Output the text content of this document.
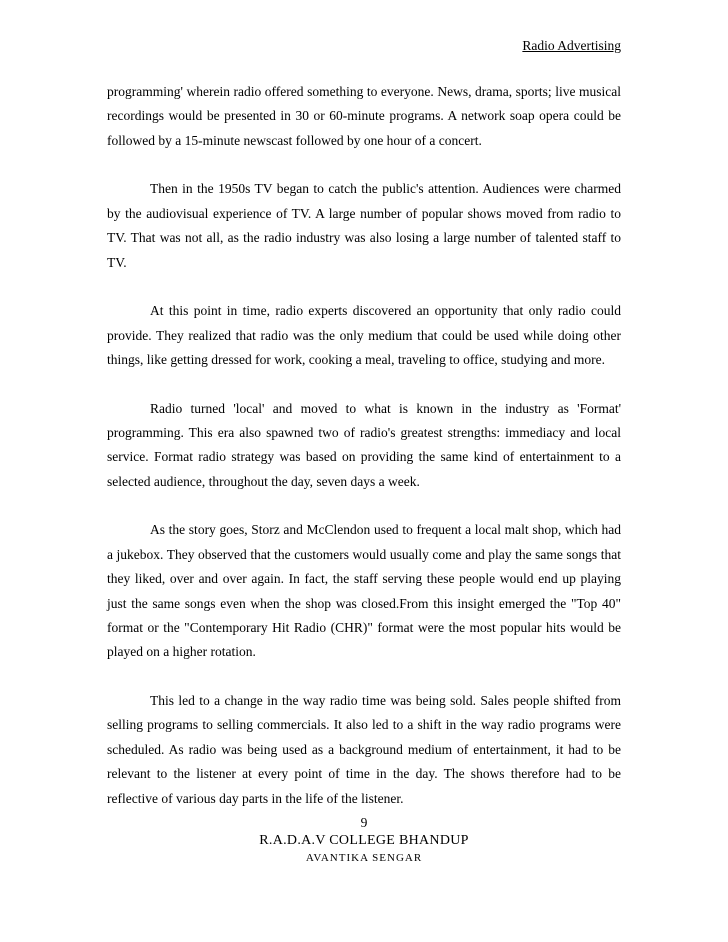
Radio Advertising

programming' wherein radio offered something to everyone. News, drama, sports; live musical recordings would be presented in 30 or 60-minute programs. A network soap opera could be followed by a 15-minute newscast followed by one hour of a concert.

Then in the 1950s TV began to catch the public's attention. Audiences were charmed by the audiovisual experience of TV. A large number of popular shows moved from radio to TV. That was not all, as the radio industry was also losing a large number of talented staff to TV.

At this point in time, radio experts discovered an opportunity that only radio could provide. They realized that radio was the only medium that could be used while doing other things, like getting dressed for work, cooking a meal, traveling to office, studying and more.

Radio turned 'local' and moved to what is known in the industry as 'Format' programming. This era also spawned two of radio's greatest strengths: immediacy and local service. Format radio strategy was based on providing the same kind of entertainment to a selected audience, throughout the day, seven days a week.

As the story goes, Storz and McClendon used to frequent a local malt shop, which had a jukebox. They observed that the customers would usually come and play the same songs that they liked, over and over again. In fact, the staff serving these people would end up playing just the same songs even when the shop was closed.From this insight emerged the "Top 40" format or the "Contemporary Hit Radio (CHR)" format were the most popular hits would be played on a higher rotation.

This led to a change in the way radio time was being sold. Sales people shifted from selling programs to selling commercials. It also led to a shift in the way radio programs were scheduled. As radio was being used as a background medium of entertainment, it had to be relevant to the listener at every point of time in the day. The shows therefore had to be reflective of various day parts in the life of the listener.

9
R.A.D.A.V COLLEGE BHANDUP
AVANTIKA SENGAR
